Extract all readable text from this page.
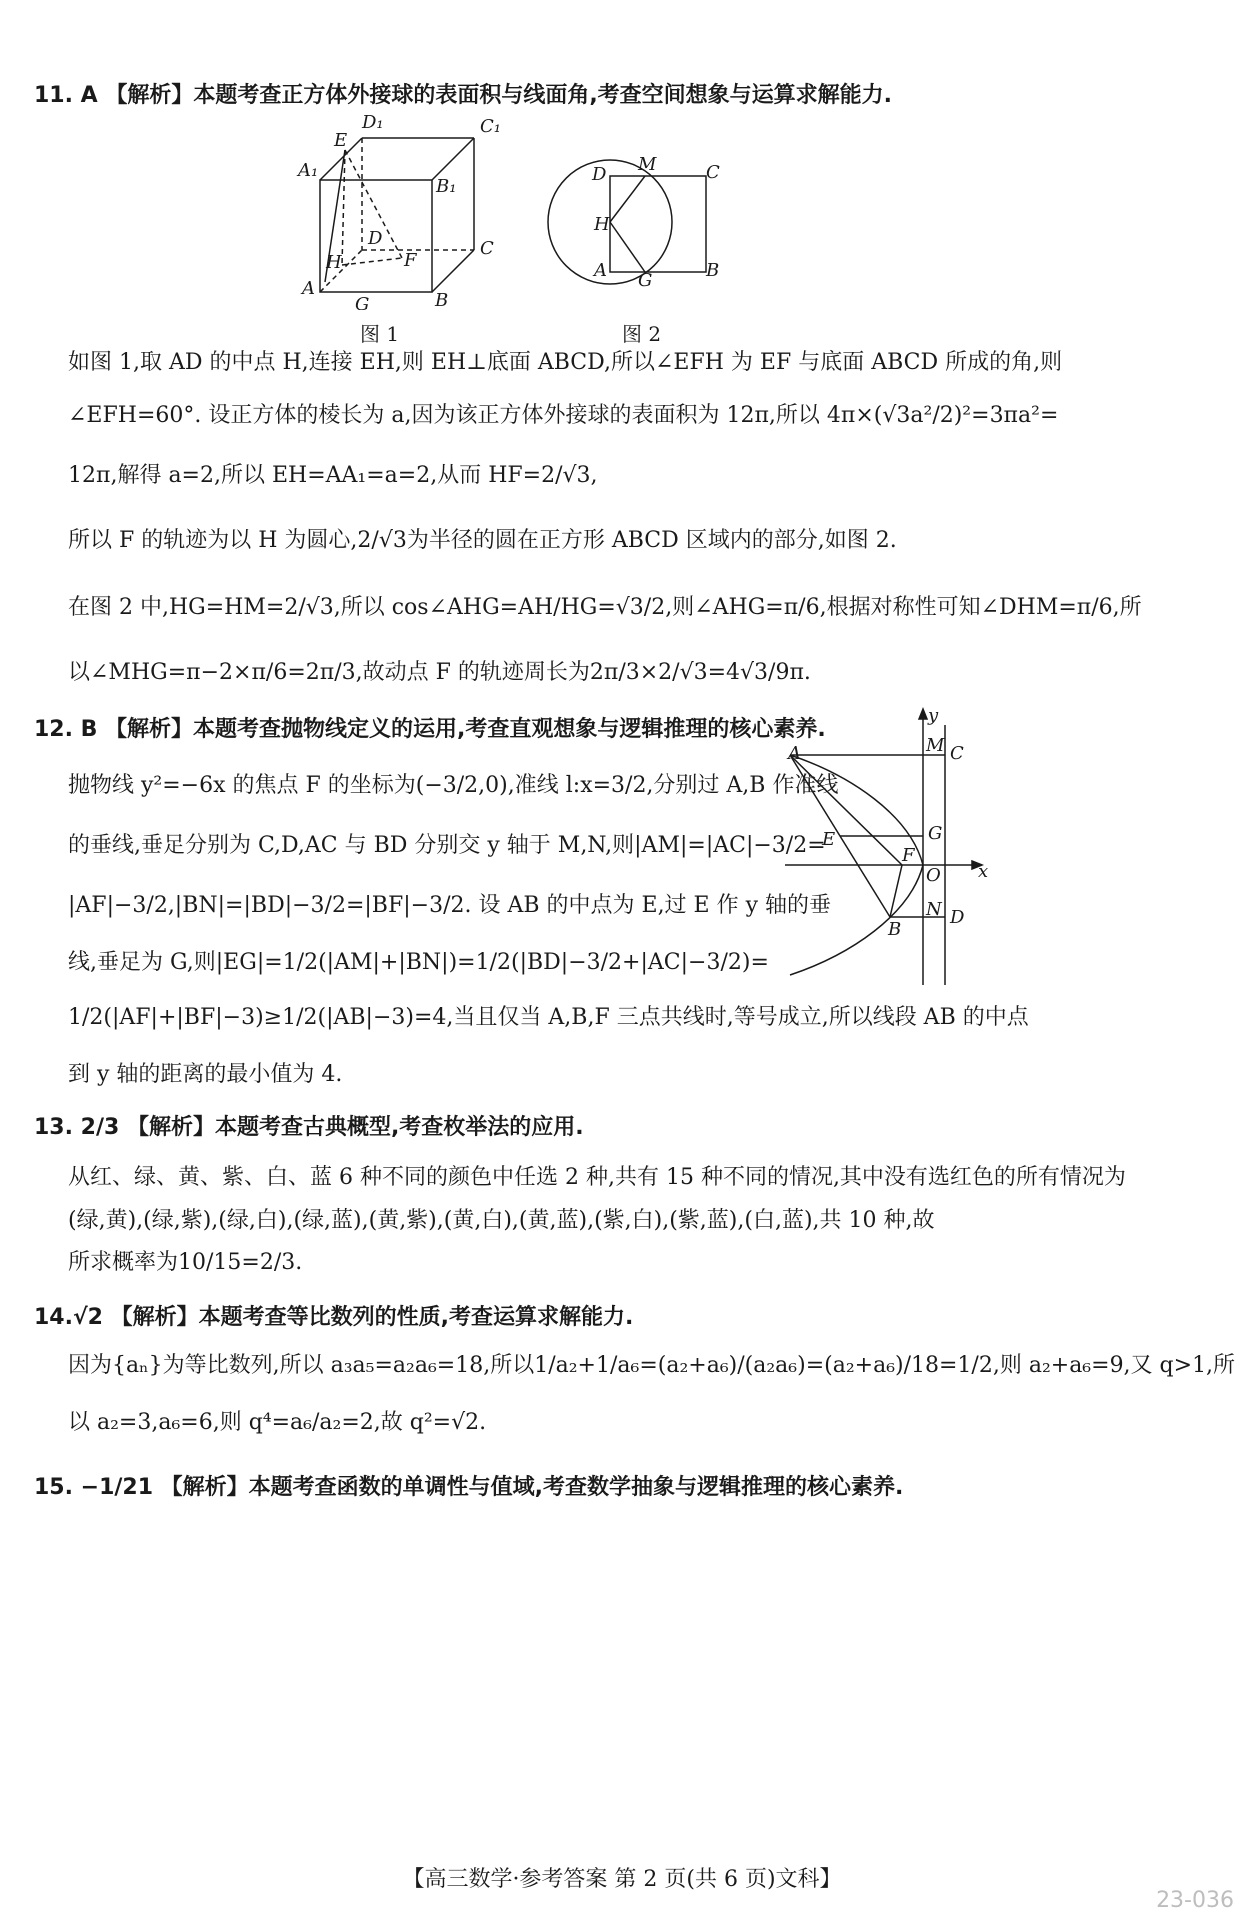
11. A 【解析】本题考查正方体外接球的表面积与线面角,考查空间想象与运算求解能力.
D₁	C₁
E
A₁
B₁
D	C
H	F
A
B
G
图 1
D M	C
H
A G	B
图 2
如图 1,取 AD 的中点 H,连接 EH,则 EH⊥底面 ABCD,所以∠EFH 为 EF 与底面 ABCD 所成的角,则
∠EFH=60°. 设正方体的棱长为 a,因为该正方体外接球的表面积为 12π,所以 4π×(√3a²/2)²=3πa²=
12π,解得 a=2,所以 EH=AA₁=a=2,从而 HF=2/√3,
所以 F 的轨迹为以 H 为圆心,2/√3为半径的圆在正方形 ABCD 区域内的部分,如图 2.
在图 2 中,HG=HM=2/√3,所以 cos∠AHG=AH/HG=√3/2,则∠AHG=π/6,根据对称性可知∠DHM=π/6,所
以∠MHG=π−2×π/6=2π/3,故动点 F 的轨迹周长为2π/3×2/√3=4√3/9π.
12. B 【解析】本题考查抛物线定义的运用,考查直观想象与逻辑推理的核心素养.
y
A	M C
E	G
F
O x
N D
B
抛物线 y²=−6x 的焦点 F 的坐标为(−3/2,0),准线 l:x=3/2,分别过 A,B 作准线
的垂线,垂足分别为 C,D,AC 与 BD 分别交 y 轴于 M,N,则|AM|=|AC|−3/2=
|AF|−3/2,|BN|=|BD|−3/2=|BF|−3/2. 设 AB 的中点为 E,过 E 作 y 轴的垂
线,垂足为 G,则|EG|=1/2(|AM|+|BN|)=1/2(|BD|−3/2+|AC|−3/2)=
1/2(|AF|+|BF|−3)≥1/2(|AB|−3)=4,当且仅当 A,B,F 三点共线时,等号成立,所以线段 AB 的中点
到 y 轴的距离的最小值为 4.
13. 2/3 【解析】本题考查古典概型,考查枚举法的应用.
从红、绿、黄、紫、白、蓝 6 种不同的颜色中任选 2 种,共有 15 种不同的情况,其中没有选红色的所有情况为
(绿,黄),(绿,紫),(绿,白),(绿,蓝),(黄,紫),(黄,白),(黄,蓝),(紫,白),(紫,蓝),(白,蓝),共 10 种,故
所求概率为10/15=2/3.
14.√2 【解析】本题考查等比数列的性质,考查运算求解能力.
因为{aₙ}为等比数列,所以 a₃a₅=a₂a₆=18,所以1/a₂+1/a₆=(a₂+a₆)/(a₂a₆)=(a₂+a₆)/18=1/2,则 a₂+a₆=9,又 q>1,所
以 a₂=3,a₆=6,则 q⁴=a₆/a₂=2,故 q²=√2.
15. −1/21 【解析】本题考查函数的单调性与值域,考查数学抽象与逻辑推理的核心素养.
【高三数学·参考答案 第 2 页(共 6 页)文科】
23-036
